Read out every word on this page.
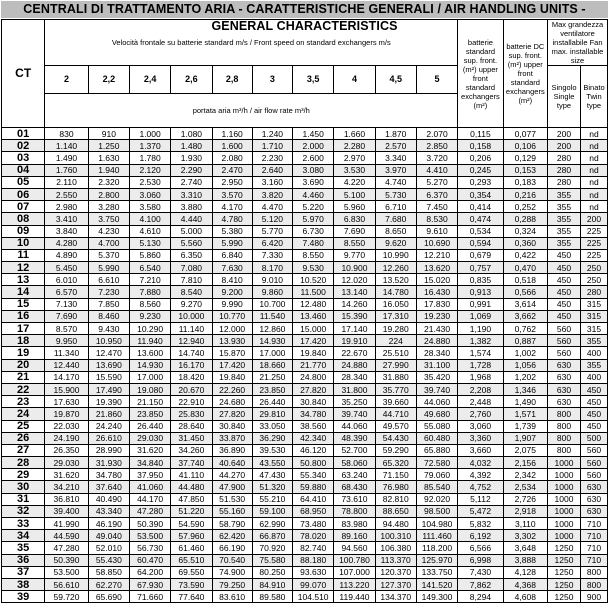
CENTRALI DI TRATTAMENTO ARIA - CARATTERISTICHE GENERALI / AIR HANDLING UNITS - GENERAL CHARACTERISTICS
CT	Velocità frontale su batterie standard m/s / Front speed on standard exchangers m/s										batterie standard sup. front. (m²) upper front standard exchangers (m²)	batterie DC sup. front. (m²) upper front standard exchangers (m²)	Max grandezza ventilatore installabile Fan max. installable size	
	2	2,2	2,4	2,6	2,8	3	3,5	4	4,5	5			Singolo Single type	Binato Twin type
	portata aria m³/h / air flow rate m³/h													
01	830	910	1.000	1.080	1.160	1.240	1.450	1.660	1.870	2.070	0,115	0,077	200	nd
02	1.140	1.250	1.370	1.480	1.600	1.710	2.000	2.280	2.570	2.850	0,158	0,106	200	nd
03	1.490	1.630	1.780	1.930	2.080	2.230	2.600	2.970	3.340	3.720	0,206	0,129	280	nd
04	1.760	1.940	2.120	2.290	2.470	2.640	3.080	3.530	3.970	4.410	0,245	0,153	280	nd
05	2.110	2.320	2.530	2.740	2.950	3.160	3.690	4.220	4.740	5.270	0,293	0,183	280	nd
06	2.550	2.800	3.060	3.310	3.570	3.820	4.460	5.100	5.730	6.370	0,354	0,216	355	nd
07	2.980	3.280	3.580	3.880	4.170	4.470	5.220	5.960	6.710	7.450	0,414	0,252	355	nd
08	3.410	3.750	4.100	4.440	4.780	5.120	5.970	6.830	7.680	8.530	0,474	0,288	355	200
09	3.840	4.230	4.610	5.000	5.380	5.770	6.730	7.690	8.650	9.610	0,534	0,324	355	225
10	4.280	4.700	5.130	5.560	5.990	6.420	7.480	8.550	9.620	10.690	0,594	0,360	355	225
11	4.890	5.370	5.860	6.350	6.840	7.330	8.550	9.770	10.990	12.210	0,679	0,422	450	225
12	5.450	5.990	6.540	7.080	7.630	8.170	9.530	10.900	12.260	13.620	0,757	0,470	450	250
13	6.010	6.610	7.210	7.810	8.410	9.010	10.520	12.020	13.520	15.020	0,835	0,518	450	250
14	6.570	7.230	7.880	8.540	9.200	9.860	11.500	13.140	14.780	16.430	0,913	0,566	450	280
15	7.130	7.850	8.560	9.270	9.990	10.700	12.480	14.260	16.050	17.830	0,991	3,614	450	315
16	7.690	8.460	9.230	10.000	10.770	11.540	13.460	15.390	17.310	19.230	1,069	3,662	450	315
17	8.570	9.430	10.290	11.140	12.000	12.860	15.000	17.140	19.280	21.430	1,190	0,762	560	315
18	9.950	10.950	11.940	12.940	13.930	14.930	17.420	19.910	224	24.880	1,382	0,887	560	355
19	11.340	12.470	13.600	14.740	15.870	17.000	19.840	22.670	25.510	28.340	1,574	1,002	560	400
20	12.440	13.690	14.930	16.170	17.420	18.660	21.770	24.880	27.990	31.100	1,728	1,056	630	355
21	14.170	15.590	17.000	18.420	19.840	21.250	24.800	28.340	31.880	35.420	1,968	1,202	630	400
22	15.900	17.490	19.080	20.670	22.260	23.850	27.820	31.800	35.770	39.740	2,208	1,346	630	450
23	17.630	19.390	21.150	22.910	24.680	26.440	30.840	35.250	39.660	44.060	2,448	1,490	630	450
24	19.870	21.860	23.850	25.830	27.820	29.810	34.780	39.740	44.710	49.680	2,760	1,571	800	450
25	22.030	24.240	26.440	28.640	30.840	33.050	38.560	44.060	49.570	55.080	3,060	1,739	800	450
26	24.190	26.610	29.030	31.450	33.870	36.290	42.340	48.390	54.430	60.480	3,360	1,907	800	500
27	26.350	28.990	31.620	34.260	36.890	39.530	46.120	52.700	59.290	65.880	3,660	2,075	800	560
28	29.030	31.930	34.840	37.740	40.640	43.550	50.800	58.060	65.320	72.580	4,032	2,156	1000	560
29	31.620	34.780	37.950	41.110	44.270	47.430	55.340	63.240	71.150	79.060	4,392	2,342	1000	560
30	34.210	37.640	41.060	44.480	47.900	51.320	59.880	68.430	76.980	85.540	4,752	2,534	1000	630
31	36.810	40.490	44.170	47.850	51.530	55.210	64.410	73.610	82.810	92.020	5,112	2,726	1000	630
32	39.400	43.340	47.280	51.220	55.160	59.100	68.950	78.800	88.650	98.500	5,472	2,918	1000	630
33	41.990	46.190	50.390	54.590	58.790	62.990	73.480	83.980	94.480	104.980	5,832	3,110	1000	710
34	44.590	49.040	53.500	57.960	62.420	66.870	78.020	89.160	100.310	111.460	6,192	3,302	1000	710
35	47.280	52.010	56.730	61.460	66.190	70.920	82.740	94.560	106.380	118.200	6,566	3,648	1250	710
36	50.390	55.430	60.470	65.510	70.540	75.580	88.180	100.780	113.370	125.970	6,998	3,888	1250	710
37	53.500	58.850	64.200	69.550	74.900	80.250	93.630	107.000	120.370	133.750	7,430	4,128	1250	800
38	56.610	62.270	67.930	73.590	79.250	84.910	99.070	113.220	127.370	141.520	7,862	4,368	1250	800
39	59.720	65.690	71.660	77.640	83.610	89.580	104.510	119.440	134.370	149.300	8,294	4,608	1250	900
